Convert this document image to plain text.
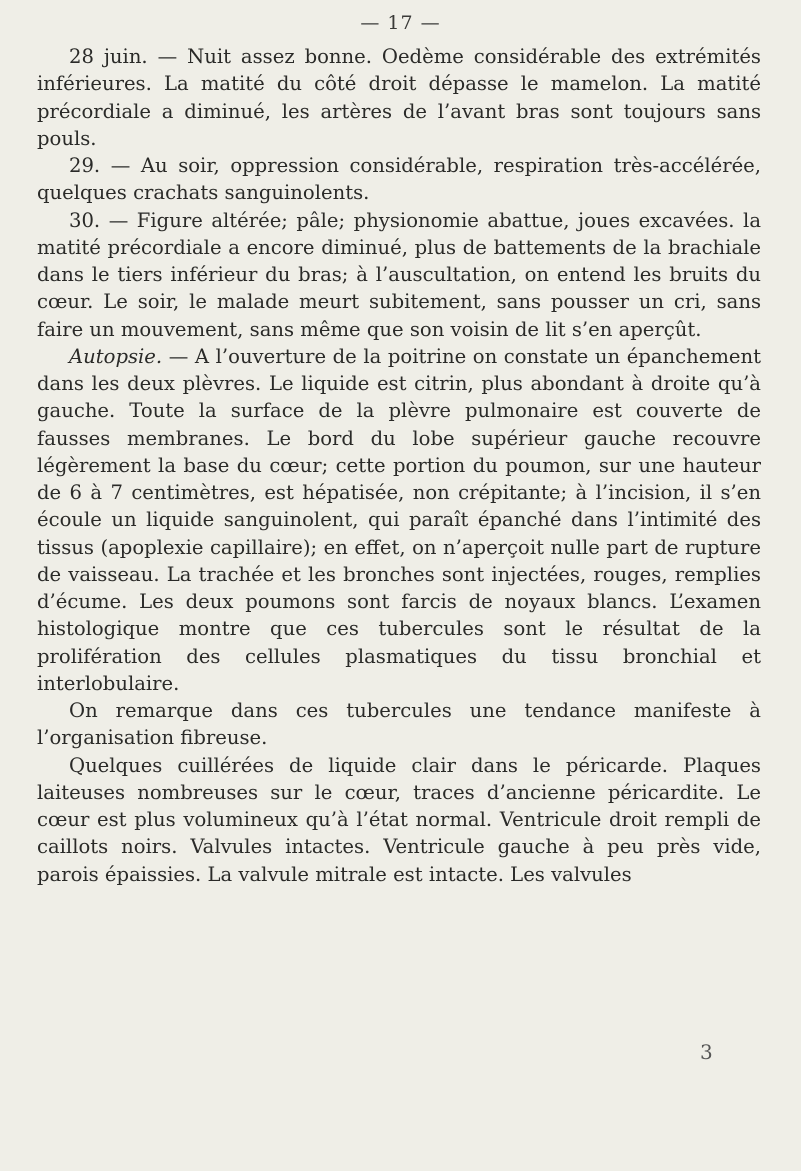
— 17 —

28 juin. — Nuit assez bonne. Oedème considérable des extrémités inférieures. La matité du côté droit dépasse le mamelon. La matité précordiale a diminué, les artères de l’avant bras sont toujours sans pouls.

29. — Au soir, oppression considérable, respiration très-accélérée, quelques crachats sanguinolents.

30. — Figure altérée; pâle; physionomie abattue, joues excavées. la matité précordiale a encore diminué, plus de battements de la brachiale dans le tiers inférieur du bras; à l’auscultation, on entend les bruits du cœur. Le soir, le malade meurt subitement, sans pousser un cri, sans faire un mouvement, sans même que son voisin de lit s’en aperçût.

Autopsie. — A l’ouverture de la poitrine on constate un épanchement dans les deux plèvres. Le liquide est citrin, plus abondant à droite qu’à gauche. Toute la surface de la plèvre pulmonaire est couverte de fausses membranes. Le bord du lobe supérieur gauche recouvre légèrement la base du cœur; cette portion du poumon, sur une hauteur de 6 à 7 centimètres, est hépatisée, non crépitante; à l’incision, il s’en écoule un liquide sanguinolent, qui paraît épanché dans l’intimité des tissus (apoplexie capillaire); en effet, on n’aperçoit nulle part de rupture de vaisseau. La trachée et les bronches sont injectées, rouges, remplies d’écume. Les deux poumons sont farcis de noyaux blancs. L’examen histologique montre que ces tubercules sont le résultat de la prolifération des cellules plasmatiques du tissu bronchial et interlobulaire.

On remarque dans ces tubercules une tendance manifeste à l’organisation fibreuse.

Quelques cuillérées de liquide clair dans le péricarde. Plaques laiteuses nombreuses sur le cœur, traces d’ancienne péricardite. Le cœur est plus volumineux qu’à l’état normal. Ventricule droit rempli de caillots noirs. Valvules intactes. Ventricule gauche à peu près vide, parois épaissies. La valvule mitrale est intacte. Les valvules

3
